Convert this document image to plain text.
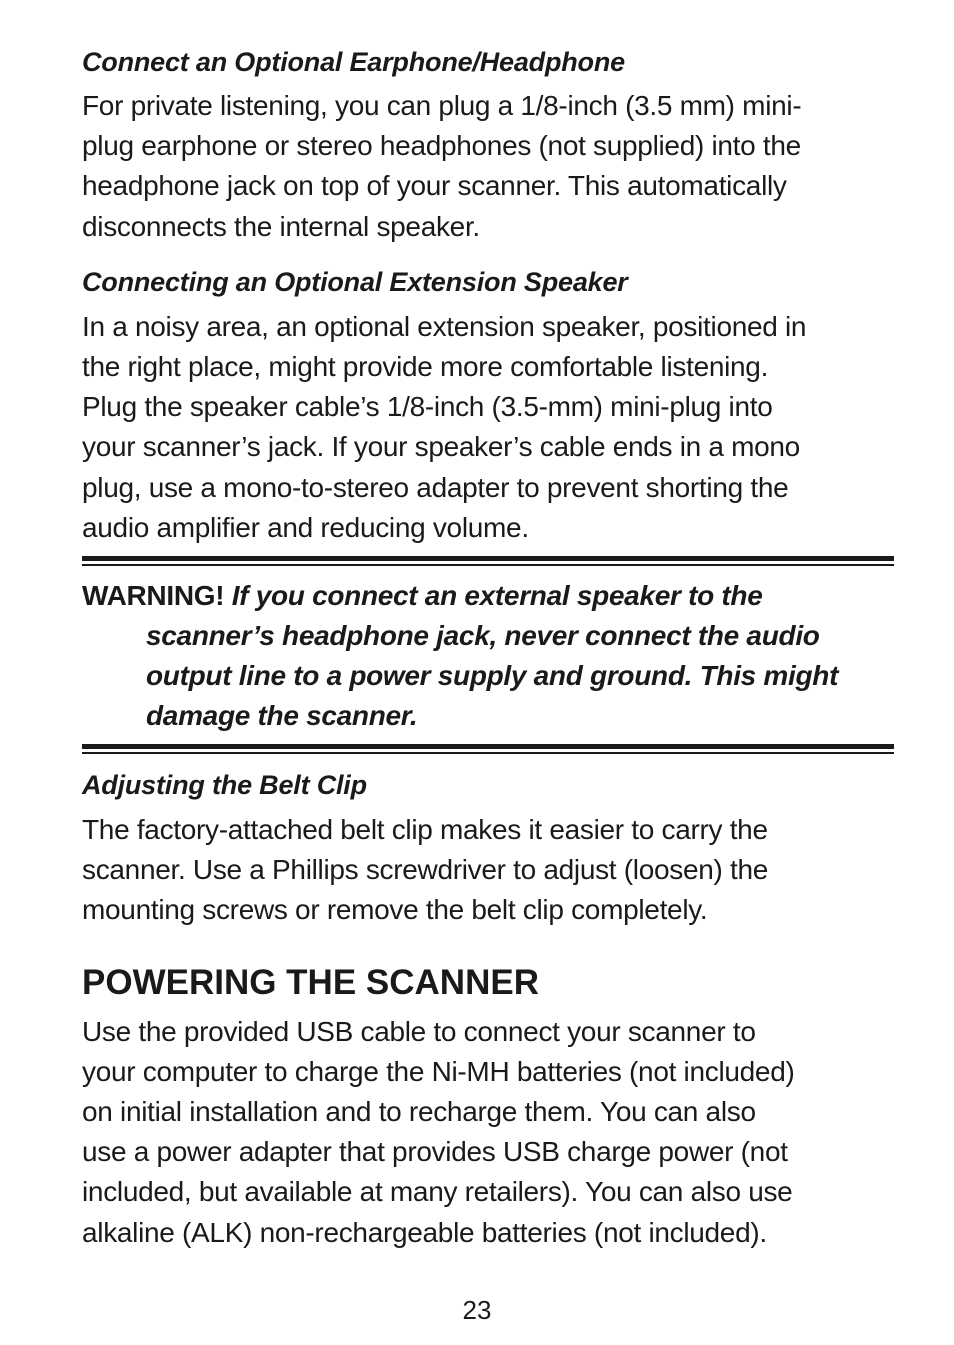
Connect an Optional Earphone/Headphone

For private listening, you can plug a 1/8-inch (3.5 mm) mini-
plug earphone or stereo headphones (not supplied) into the
headphone jack on top of your scanner. This automatically
disconnects the internal speaker.

Connecting an Optional Extension Speaker

In a noisy area, an optional extension speaker, positioned in
the right place, might provide more comfortable listening.
Plug the speaker cable’s 1/8-inch (3.5-mm) mini-plug into
your scanner’s jack. If your speaker’s cable ends in a mono
plug, use a mono-to-stereo adapter to prevent shorting the
audio amplifier and reducing volume.

WARNING! If you connect an external speaker to the
scanner’s headphone jack, never connect the audio
output line to a power supply and ground. This might
damage the scanner.
Adjusting the Belt Clip

The factory-attached belt clip makes it easier to carry the
scanner. Use a Phillips screwdriver to adjust (loosen) the
mounting screws or remove the belt clip completely.

POWERING THE SCANNER

Use the provided USB cable to connect your scanner to
your computer to charge the Ni-MH batteries (not included)
on initial installation and to recharge them. You can also
use a power adapter that provides USB charge power (not
included, but available at many retailers). You can also use
alkaline (ALK) non-rechargeable batteries (not included).

23
